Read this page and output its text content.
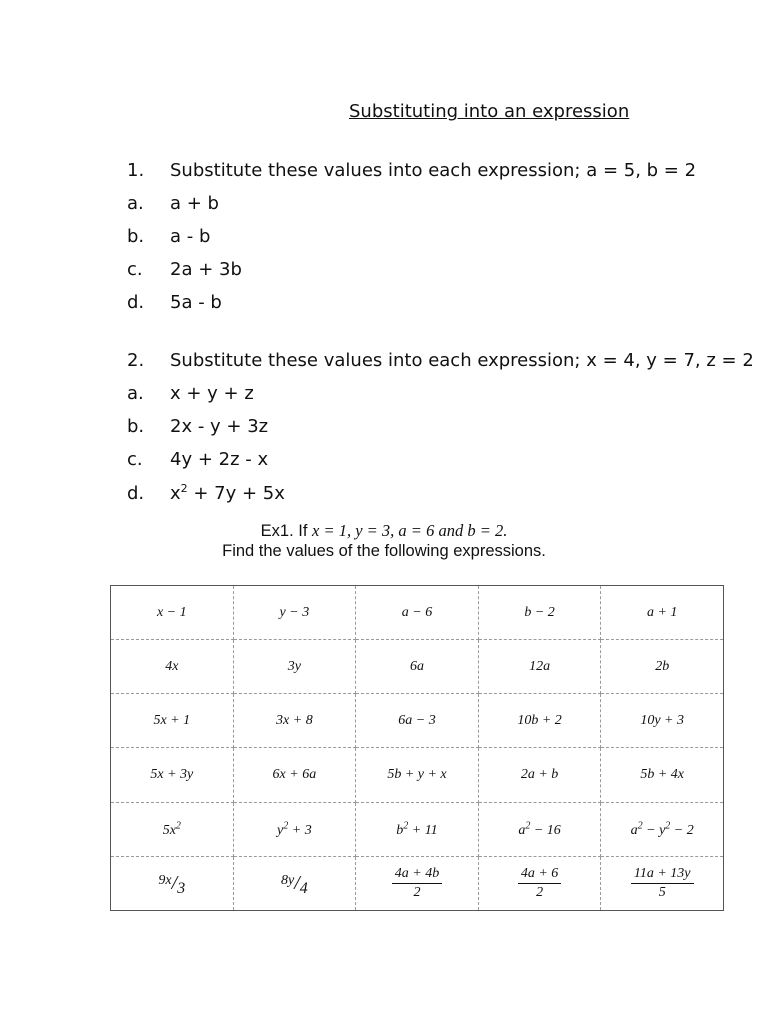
Substituting into an expression
1. Substitute these values into each expression; a = 5, b = 2
a. a + b
b. a - b
c. 2a + 3b
d. 5a - b
2. Substitute these values into each expression; x = 4, y = 7, z = 2
a. x + y + z
b. 2x - y + 3z
c. 4y + 2z - x
d. $x^2 + 7y + 5x$
Ex1. If x = 1, y = 3, a = 6 and b = 2.
Find the values of the following expressions.
x − 1	y − 3	a − 6	b − 2	a + 1
4x	3y	6a	12a	2b
5x + 1	3x + 8	6a − 3	10b + 2	10y + 3
5x + 3y	6x + 6a	5b + y + x	2a + b	5b + 4x
$5x^2$	$y^2 + 3$	$b^2 + 11$	$a^2 - 16$	$a^2 - y^2 - 2$
9x/3	8y/4	$\frac{4a + 4b}{2}$	$\frac{4a + 6}{2}$	$\frac{11a + 13y}{5}$
